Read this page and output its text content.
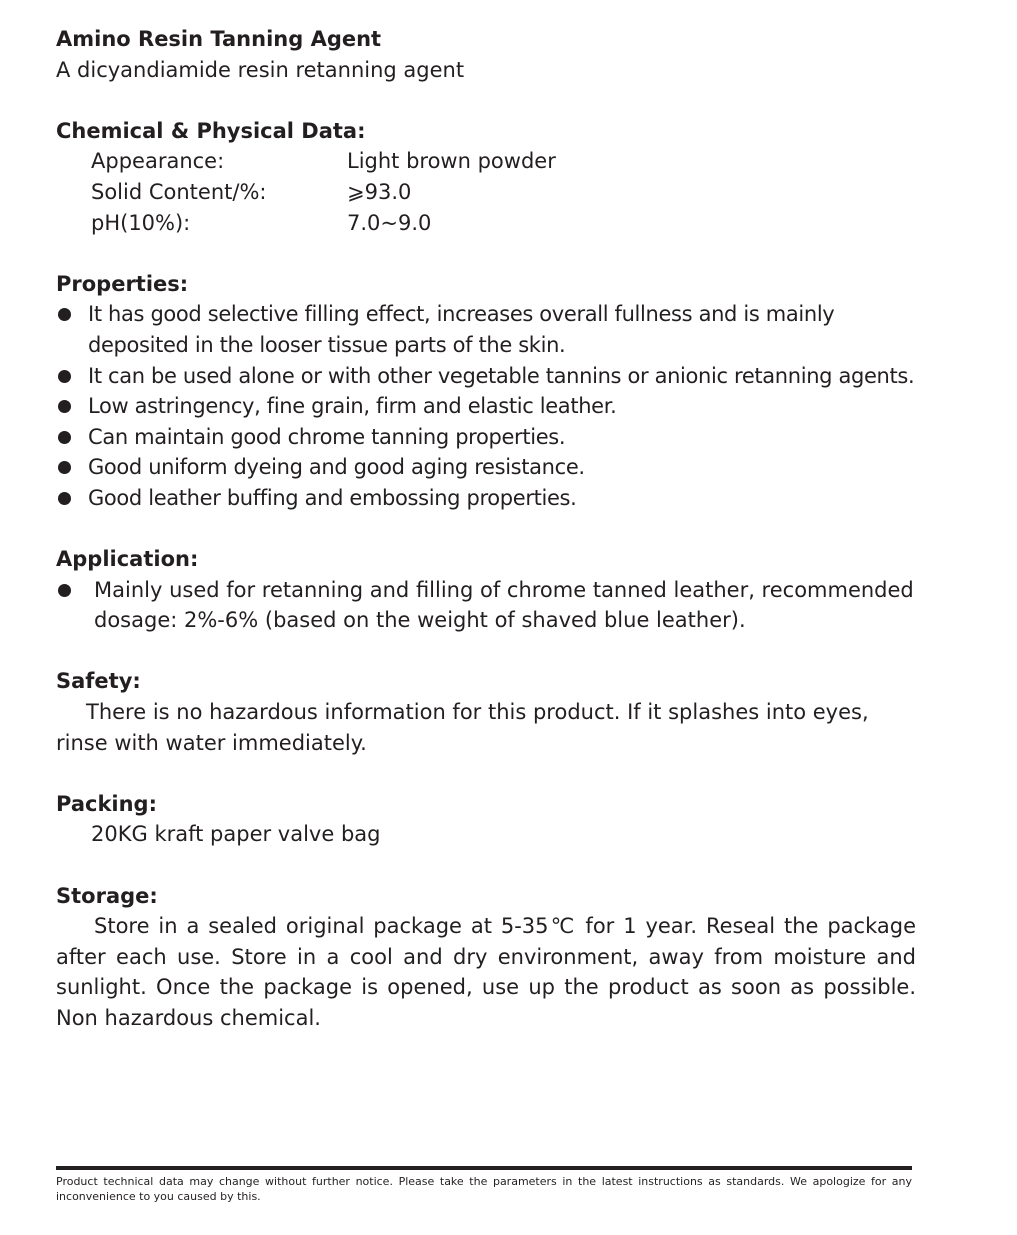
Amino Resin Tanning Agent
A dicyandiamide resin retanning agent
Chemical & Physical Data:
Appearance:	Light brown powder
Solid Content/%:	⩾93.0
pH(10%):	7.0~9.0
Properties:
It has good selective filling effect, increases overall fullness and is mainly deposited in the looser tissue parts of the skin.
It can be used alone or with other vegetable tannins or anionic retanning agents.
Low astringency, fine grain, firm and elastic leather.
Can maintain good chrome tanning properties.
Good uniform dyeing and good aging resistance.
Good leather buffing and embossing properties.
Application:
Mainly used for retanning and filling of chrome tanned leather, recommended dosage: 2%-6% (based on the weight of shaved blue leather).
Safety:
There is no hazardous information for this product. If it splashes into eyes, rinse with water immediately.
Packing:
20KG kraft paper valve bag
Storage:
Store in a sealed original package at 5-35℃ for 1 year. Reseal the package after each use. Store in a cool and dry environment, away from moisture and sunlight. Once the package is opened, use up the product as soon as possible. Non hazardous chemical.
Product technical data may change without further notice. Please take the parameters in the latest instructions as standards. We apologize for any inconvenience to you caused by this.
